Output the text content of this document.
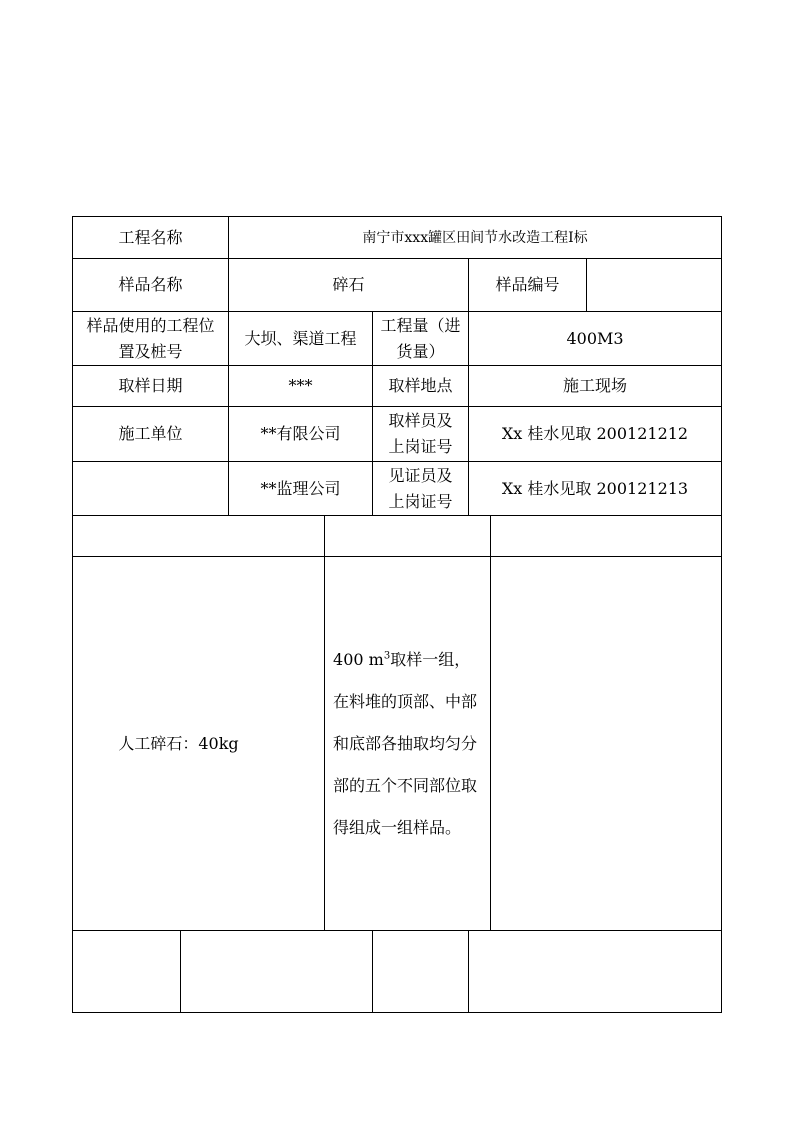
工程名称		南宁市xxx罐区田间节水改造工程Ⅰ标					
样品名称		碎石			样品编号		
样品使用的工程位置及桩号		大坝、渠道工程		工程量（进货量）	400M3		
取样日期		***		取样地点	施工现场		
施工单位		**有限公司		取样员及上岗证号	Xx 桂水见取 200121212		
		**监理公司		见证员及上岗证号	Xx 桂水见取 200121213		

人工碎石：40kg			400 $m^3$取样一组，在料堆的顶部、中部和底部各抽取均匀分部的五个不同部位取得组成一组样品。				
